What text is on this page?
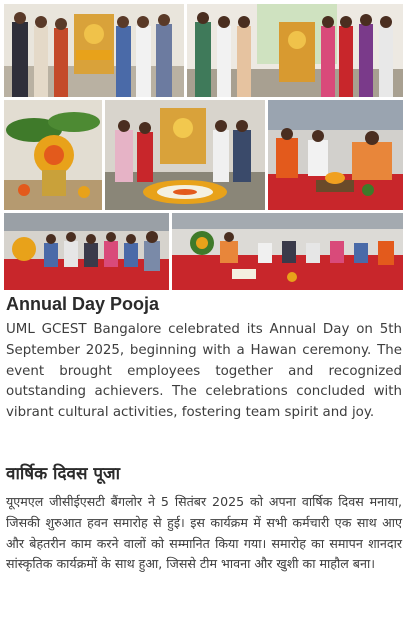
Annual Day Pooja

UML GCEST Bangalore celebrated its Annual Day on 5th September 2025, beginning with a Hawan ceremony. The event brought employees together and recognized outstanding achievers. The celebrations concluded with vibrant cultural activities, fostering team spirit and joy.

वार्षिक दिवस पूजा

यूएमएल जीसीईएसटी बैंगलोर ने 5 सितंबर 2025 को अपना वार्षिक दिवस मनाया, जिसकी शुरुआत हवन समारोह से हुई। इस कार्यक्रम में सभी कर्मचारी एक साथ आए और बेहतरीन काम करने वालों को सम्मानित किया गया। समारोह का समापन शानदार सांस्कृतिक कार्यक्रमों के साथ हुआ, जिससे टीम भावना और खुशी का माहौल बना।
